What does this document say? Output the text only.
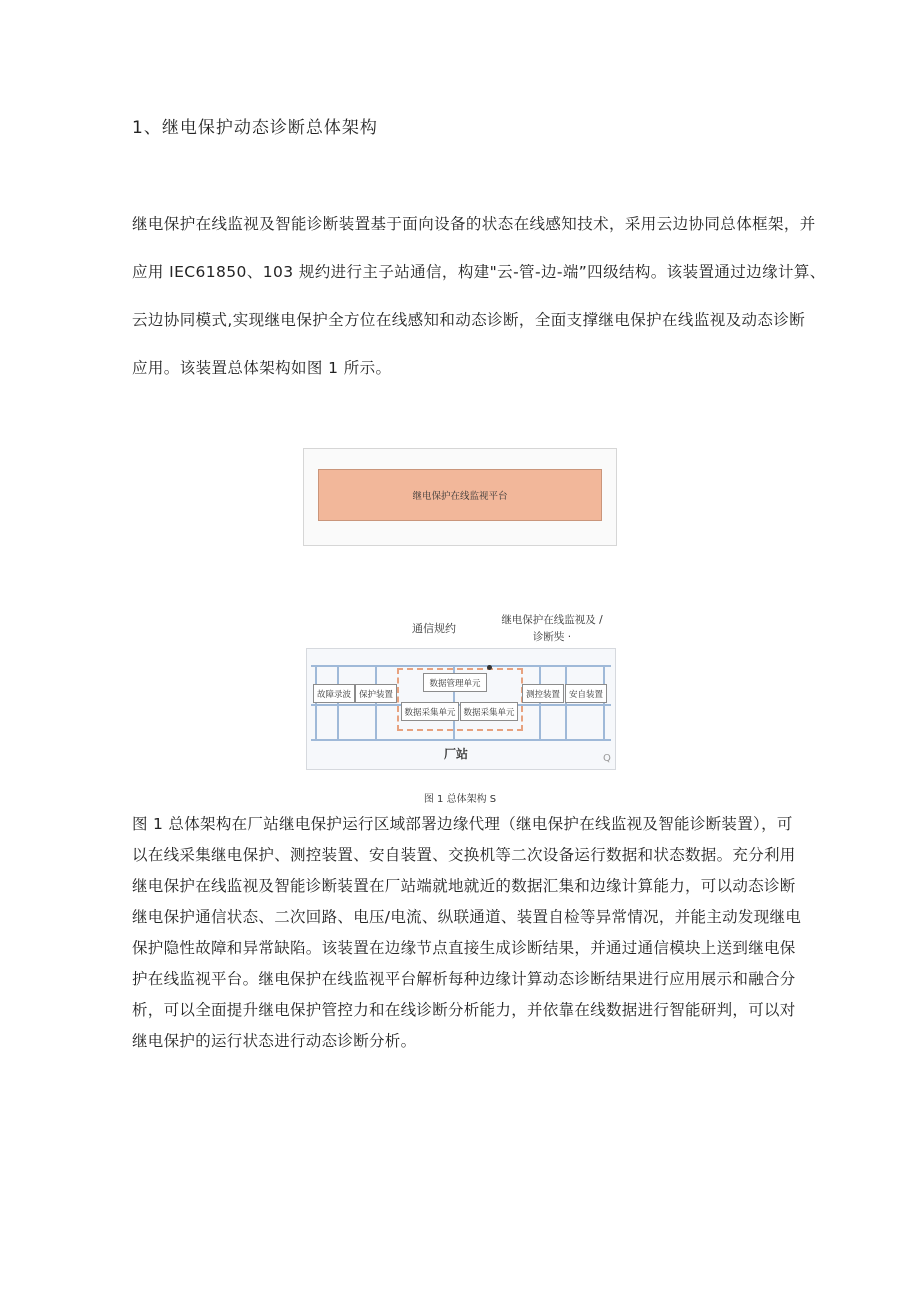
1、继电保护动态诊断总体架构
继电保护在线监视及智能诊断装置基于面向设备的状态在线感知技术，采用云边协同总体框架，并
应用 IEC61850、103 规约进行主子站通信，构建"云-管-边-端”四级结构。该装置通过边缘计算、
云边协同模式,实现继电保护全方位在线感知和动态诊断，全面支撑继电保护在线监视及动态诊断
应用。该装置总体架构如图 1 所示。
继电保护在线监视平台
通信规约
继电保护在线监视及 /
诊断奘 ·
故障录波 保护装置
数据管理单元
数据采集单元 数据采集单元
测控装置	安自装置
厂站	Q
图 1 总体架构 S
图 1 总体架构在厂站继电保护运行区域部署边缘代理（继电保护在线监视及智能诊断装置），可
以在线采集继电保护、测控装置、安自装置、交换机等二次设备运行数据和状态数据。充分利用
继电保护在线监视及智能诊断装置在厂站端就地就近的数据汇集和边缘计算能力，可以动态诊断
继电保护通信状态、二次回路、电压/电流、纵联通道、装置自检等异常情况，并能主动发现继电
保护隐性故障和异常缺陷。该装置在边缘节点直接生成诊断结果，并通过通信模块上送到继电保
护在线监视平台。继电保护在线监视平台解析每种边缘计算动态诊断结果进行应用展示和融合分
析，可以全面提升继电保护管控力和在线诊断分析能力，并依靠在线数据进行智能研判，可以对
继电保护的运行状态进行动态诊断分析。
